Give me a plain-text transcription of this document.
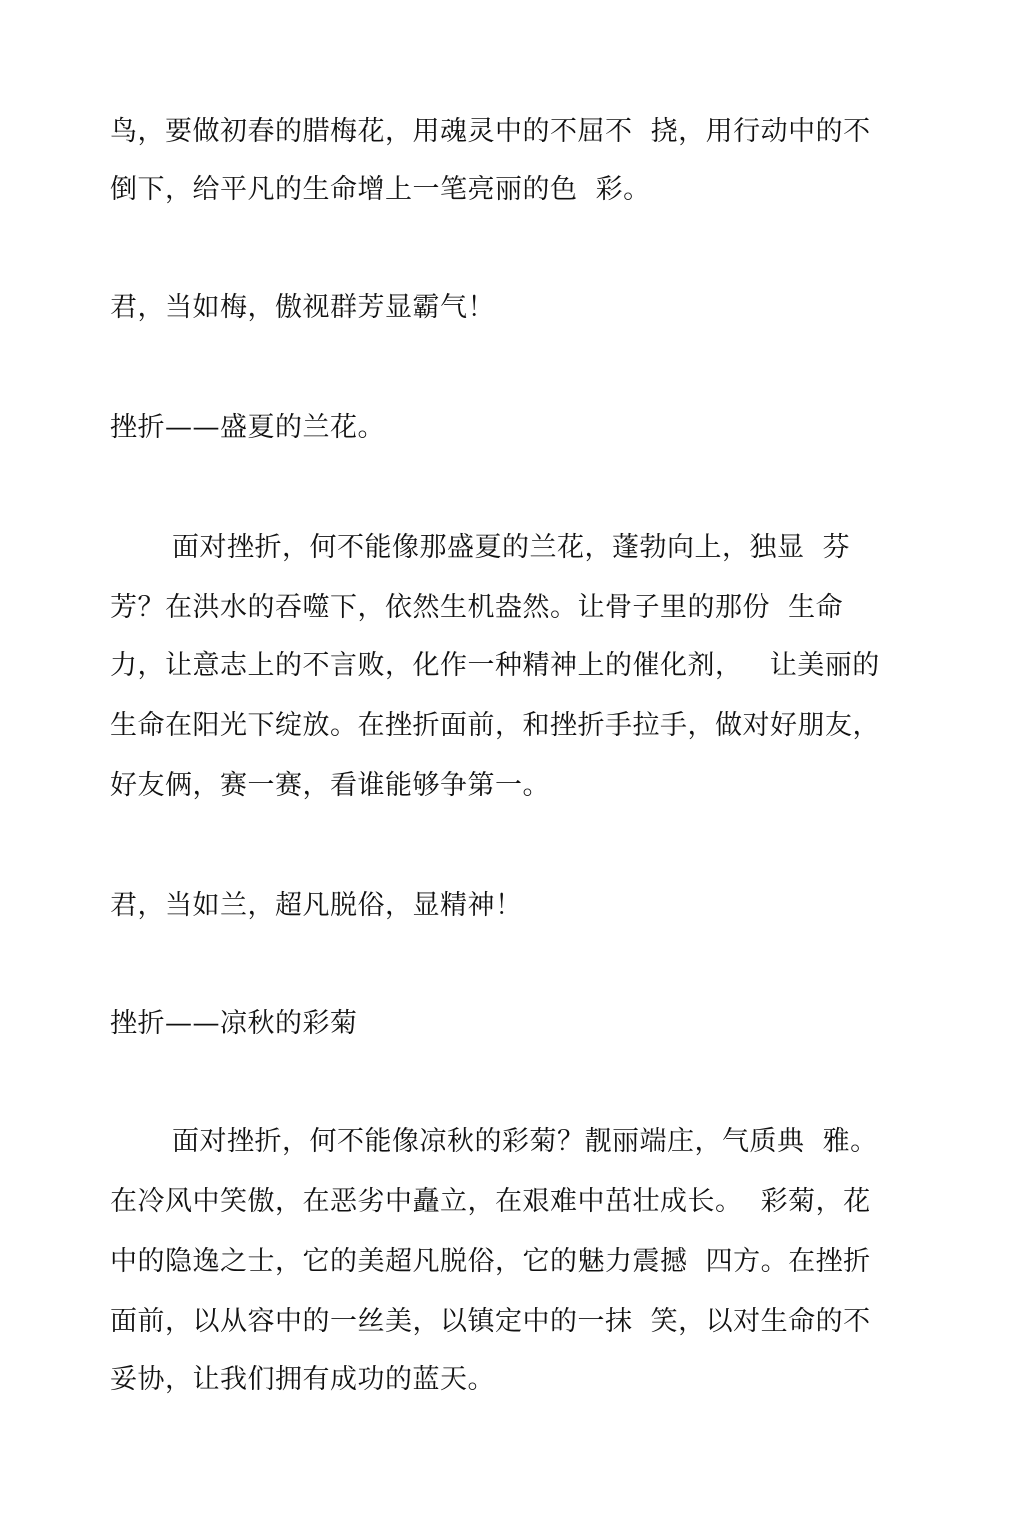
鸟，要做初春的腊梅花，用魂灵中的不屈不  挠，用行动中的不
倒下，给平凡的生命增上一笔亮丽的色  彩。
君，当如梅，傲视群芳显霸气！
挫折——盛夏的兰花。
面对挫折，何不能像那盛夏的兰花，蓬勃向上，独显  芬
芳？在洪水的吞噬下，依然生机盎然。让骨子里的那份  生命
力，让意志上的不言败，化作一种精神上的催化剂，   让美丽的
生命在阳光下绽放。在挫折面前，和挫折手拉手，做对好朋友，
好友俩，赛一赛，看谁能够争第一。
君，当如兰，超凡脱俗，显精神！
挫折——凉秋的彩菊
面对挫折，何不能像凉秋的彩菊？靓丽端庄，气质典  雅。
在冷风中笑傲，在恶劣中矗立，在艰难中茁壮成长。  彩菊，花
中的隐逸之士，它的美超凡脱俗，它的魅力震撼  四方。在挫折
面前，以从容中的一丝美，以镇定中的一抹  笑，以对生命的不
妥协，让我们拥有成功的蓝天。
